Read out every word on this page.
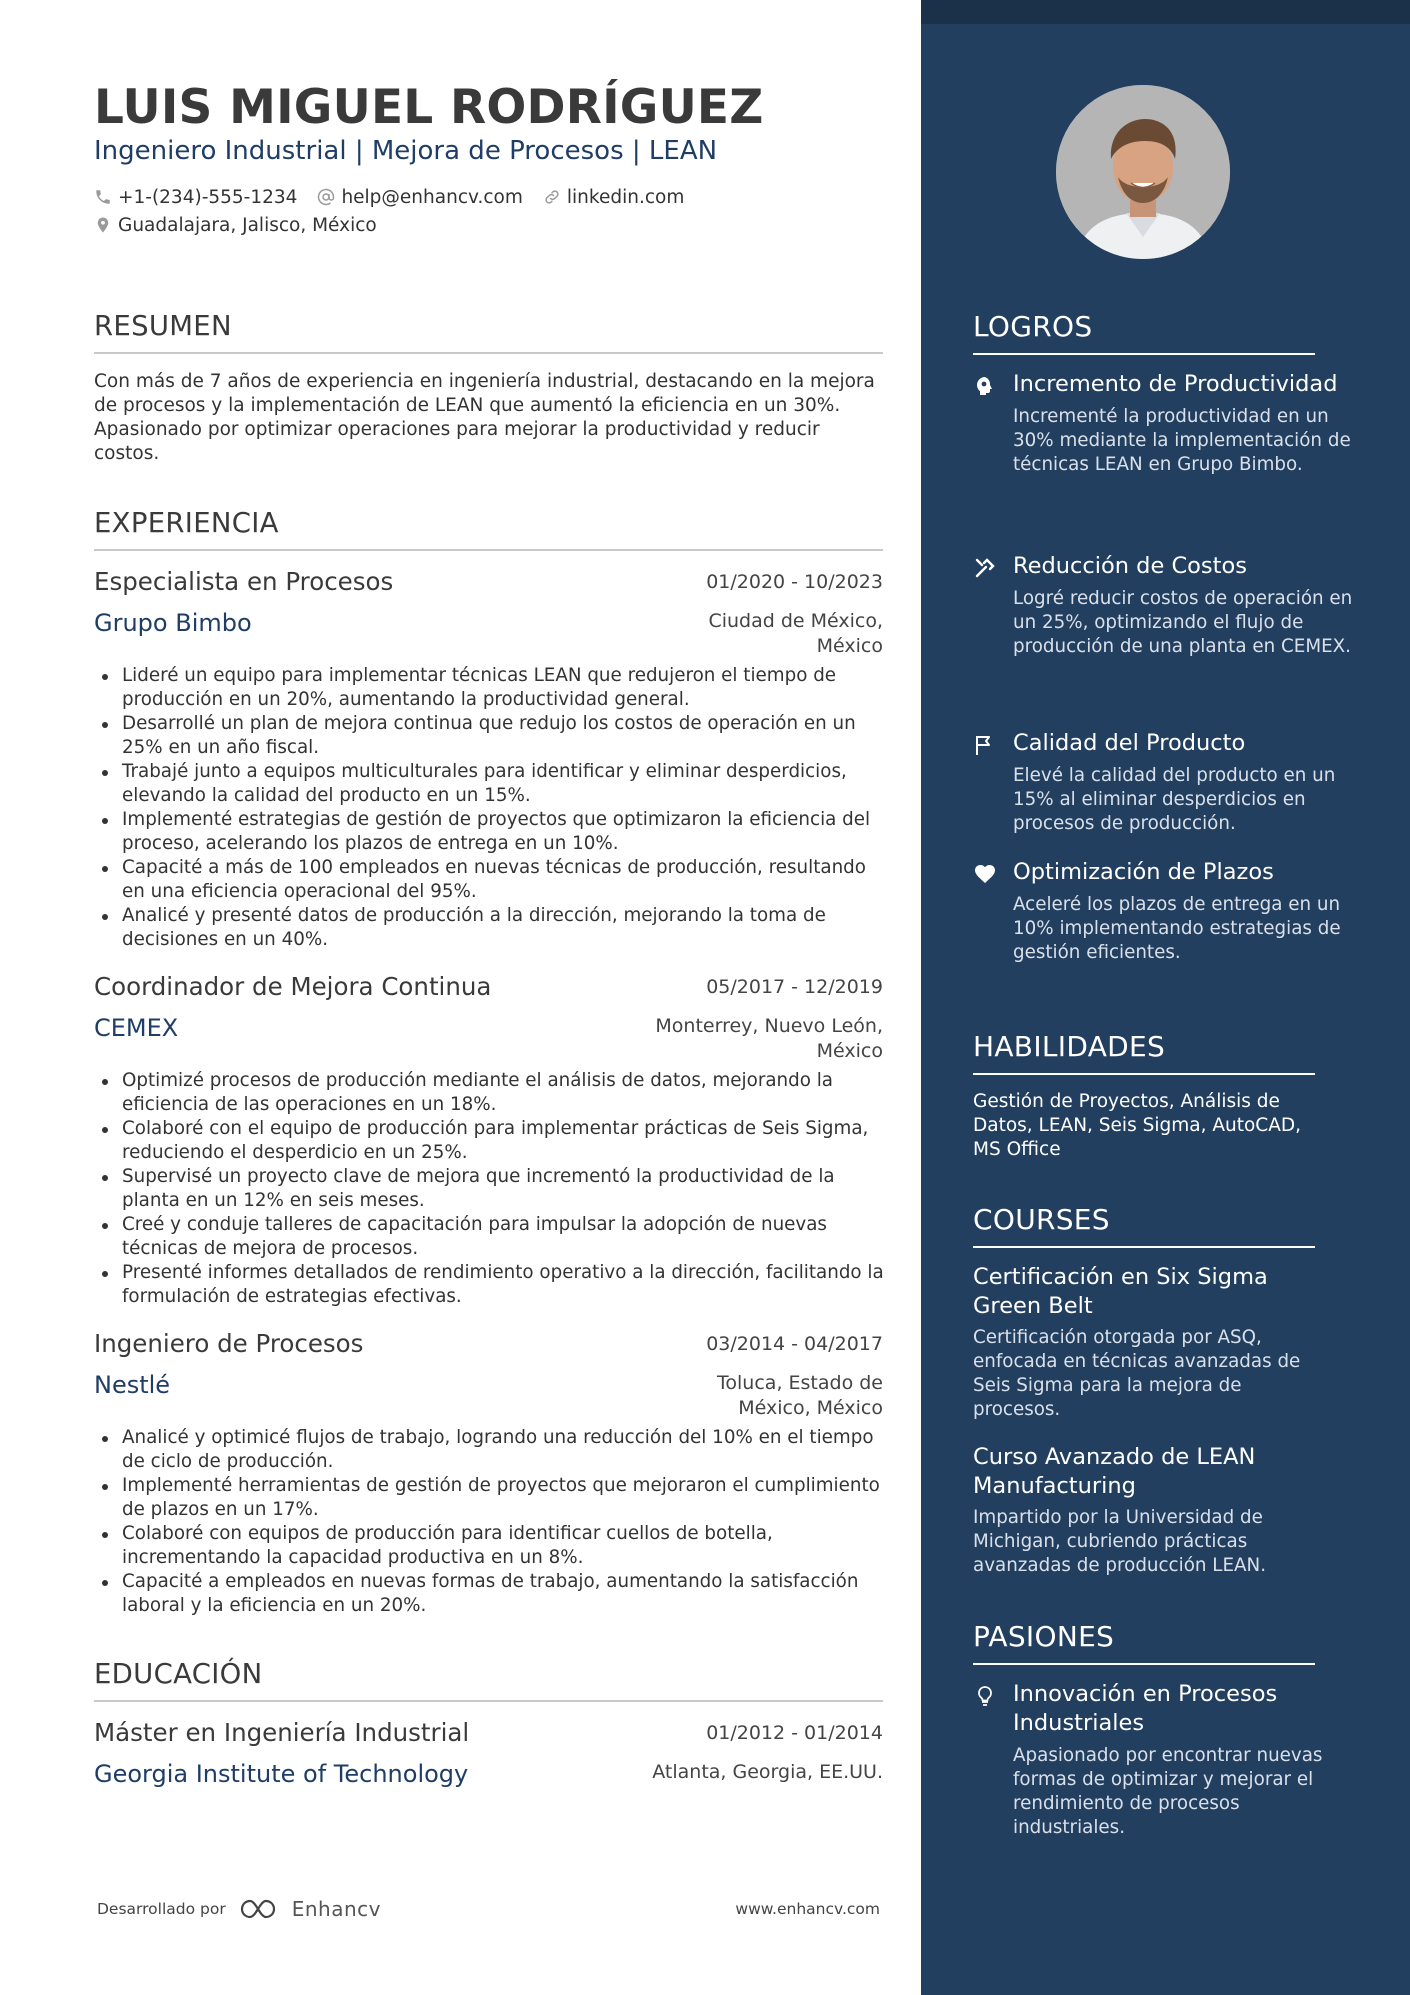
LUIS MIGUEL RODRÍGUEZ
Ingeniero Industrial | Mejora de Procesos | LEAN
+1-(234)-555-1234 help@enhancv.com linkedin.com
Guadalajara, Jalisco, México
RESUMEN
Con más de 7 años de experiencia en ingeniería industrial, destacando en la mejora de procesos y la implementación de LEAN que aumentó la eficiencia en un 30%. Apasionado por optimizar operaciones para mejorar la productividad y reducir costos.
EXPERIENCIA
Especialista en Procesos	01/2020 - 10/2023
Grupo Bimbo	Ciudad de México, México
Lideré un equipo para implementar técnicas LEAN que redujeron el tiempo de producción en un 20%, aumentando la productividad general.
Desarrollé un plan de mejora continua que redujo los costos de operación en un 25% en un año fiscal.
Trabajé junto a equipos multiculturales para identificar y eliminar desperdicios, elevando la calidad del producto en un 15%.
Implementé estrategias de gestión de proyectos que optimizaron la eficiencia del proceso, acelerando los plazos de entrega en un 10%.
Capacité a más de 100 empleados en nuevas técnicas de producción, resultando en una eficiencia operacional del 95%.
Analicé y presenté datos de producción a la dirección, mejorando la toma de decisiones en un 40%.
Coordinador de Mejora Continua	05/2017 - 12/2019
CEMEX	Monterrey, Nuevo León, México
Optimizé procesos de producción mediante el análisis de datos, mejorando la eficiencia de las operaciones en un 18%.
Colaboré con el equipo de producción para implementar prácticas de Seis Sigma, reduciendo el desperdicio en un 25%.
Supervisé un proyecto clave de mejora que incrementó la productividad de la planta en un 12% en seis meses.
Creé y conduje talleres de capacitación para impulsar la adopción de nuevas técnicas de mejora de procesos.
Presenté informes detallados de rendimiento operativo a la dirección, facilitando la formulación de estrategias efectivas.
Ingeniero de Procesos	03/2014 - 04/2017
Nestlé	Toluca, Estado de México, México
Analicé y optimicé flujos de trabajo, logrando una reducción del 10% en el tiempo de ciclo de producción.
Implementé herramientas de gestión de proyectos que mejoraron el cumplimiento de plazos en un 17%.
Colaboré con equipos de producción para identificar cuellos de botella, incrementando la capacidad productiva en un 8%.
Capacité a empleados en nuevas formas de trabajo, aumentando la satisfacción laboral y la eficiencia en un 20%.
EDUCACIÓN
Máster en Ingeniería Industrial	01/2012 - 01/2014
Georgia Institute of Technology	Atlanta, Georgia, EE.UU.
Desarrollado por	Enhancv	www.enhancv.com
LOGROS
Incremento de Productividad
Incrementé la productividad en un 30% mediante la implementación de técnicas LEAN en Grupo Bimbo.
Reducción de Costos
Logré reducir costos de operación en un 25%, optimizando el flujo de producción de una planta en CEMEX.
Calidad del Producto
Elevé la calidad del producto en un 15% al eliminar desperdicios en procesos de producción.
Optimización de Plazos
Aceleré los plazos de entrega en un 10% implementando estrategias de gestión eficientes.
HABILIDADES
Gestión de Proyectos, Análisis de Datos, LEAN, Seis Sigma, AutoCAD, MS Office
COURSES
Certificación en Six Sigma Green Belt
Certificación otorgada por ASQ, enfocada en técnicas avanzadas de Seis Sigma para la mejora de procesos.
Curso Avanzado de LEAN Manufacturing
Impartido por la Universidad de Michigan, cubriendo prácticas avanzadas de producción LEAN.
PASIONES
Innovación en Procesos Industriales
Apasionado por encontrar nuevas formas de optimizar y mejorar el rendimiento de procesos industriales.
